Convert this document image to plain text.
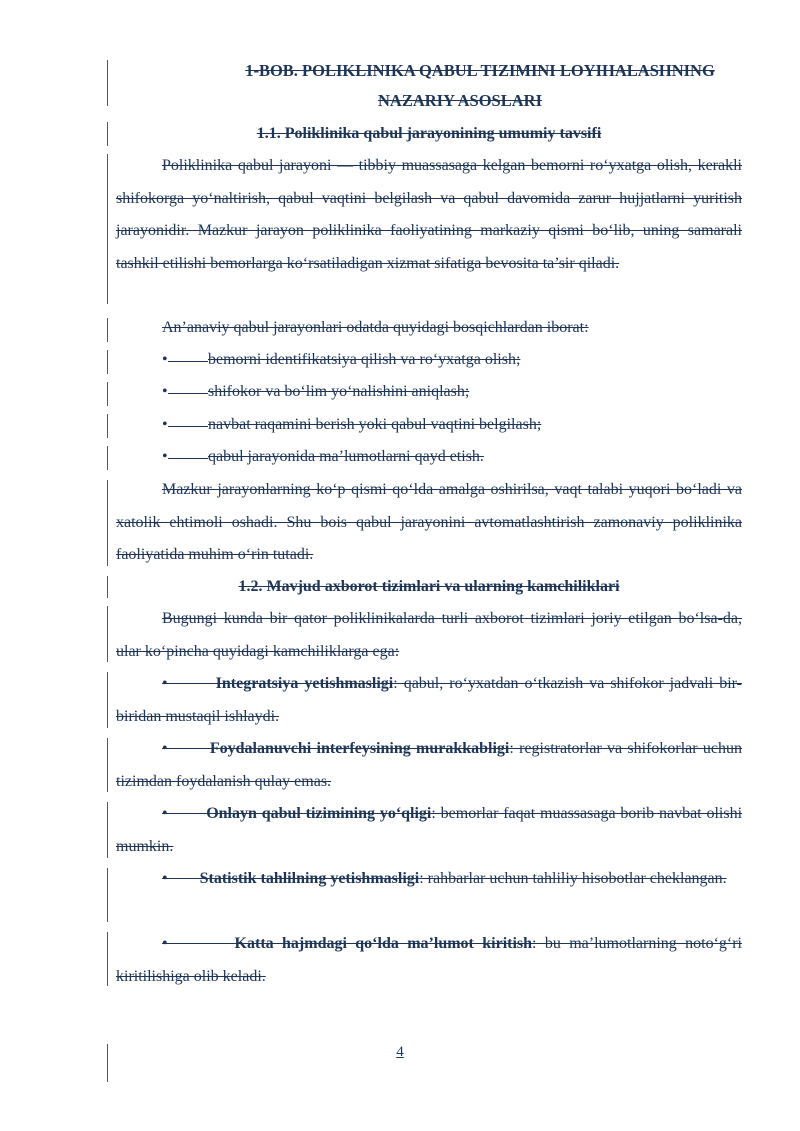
1-BOB. POLIKLINIKA QABUL TIZIMINI LOYIHALASHNING
NAZARIY ASOSLARI
1.1. Poliklinika qabul jarayonining umumiy tavsifi
Poliklinika qabul jarayoni — tibbiy muassasaga kelgan bemorni ro‘yxatga olish, kerakli shifokorga yo‘naltirish, qabul vaqtini belgilash va qabul davomida zarur hujjatlarni yuritish jarayonidir. Mazkur jarayon poliklinika faoliyatining markaziy qismi bo‘lib, uning samarali tashkil etilishi bemorlarga ko‘rsatiladigan xizmat sifatiga bevosita ta’sir qiladi.
An’anaviy qabul jarayonlari odatda quyidagi bosqichlardan iborat:
•
bemorni identifikatsiya qilish va ro‘yxatga olish;
•
shifokor va bo‘lim yo‘nalishini aniqlash;
•
navbat raqamini berish yoki qabul vaqtini belgilash;
•
qabul jarayonida ma’lumotlarni qayd etish.
Mazkur jarayonlarning ko‘p qismi qo‘lda amalga oshirilsa, vaqt talabi yuqori bo‘ladi va xatolik ehtimoli oshadi. Shu bois qabul jarayonini avtomatlashtirish zamonaviy poliklinika faoliyatida muhim o‘rin tutadi.
1.2. Mavjud axborot tizimlari va ularning kamchiliklari
Bugungi kunda bir qator poliklinikalarda turli axborot tizimlari joriy etilgan bo‘lsa-da, ular ko‘pincha quyidagi kamchiliklarga ega:
•        Integratsiya yetishmasligi: qabul, ro‘yxatdan o‘tkazish va shifokor jadvali bir-biridan mustaqil ishlaydi.
•        Foydalanuvchi interfeysining murakkabligi: registratorlar va shifokorlar uchun tizimdan foydalanish qulay emas.
•        Onlayn qabul tizimining yo‘qligi: bemorlar faqat muassasaga borib navbat olishi mumkin.
•        Statistik tahlilning yetishmasligi: rahbarlar uchun tahliliy hisobotlar cheklangan.
•        Katta hajmdagi qo‘lda ma’lumot kiritish: bu ma’lumotlarning noto‘g‘ri kiritilishiga olib keladi.
4
